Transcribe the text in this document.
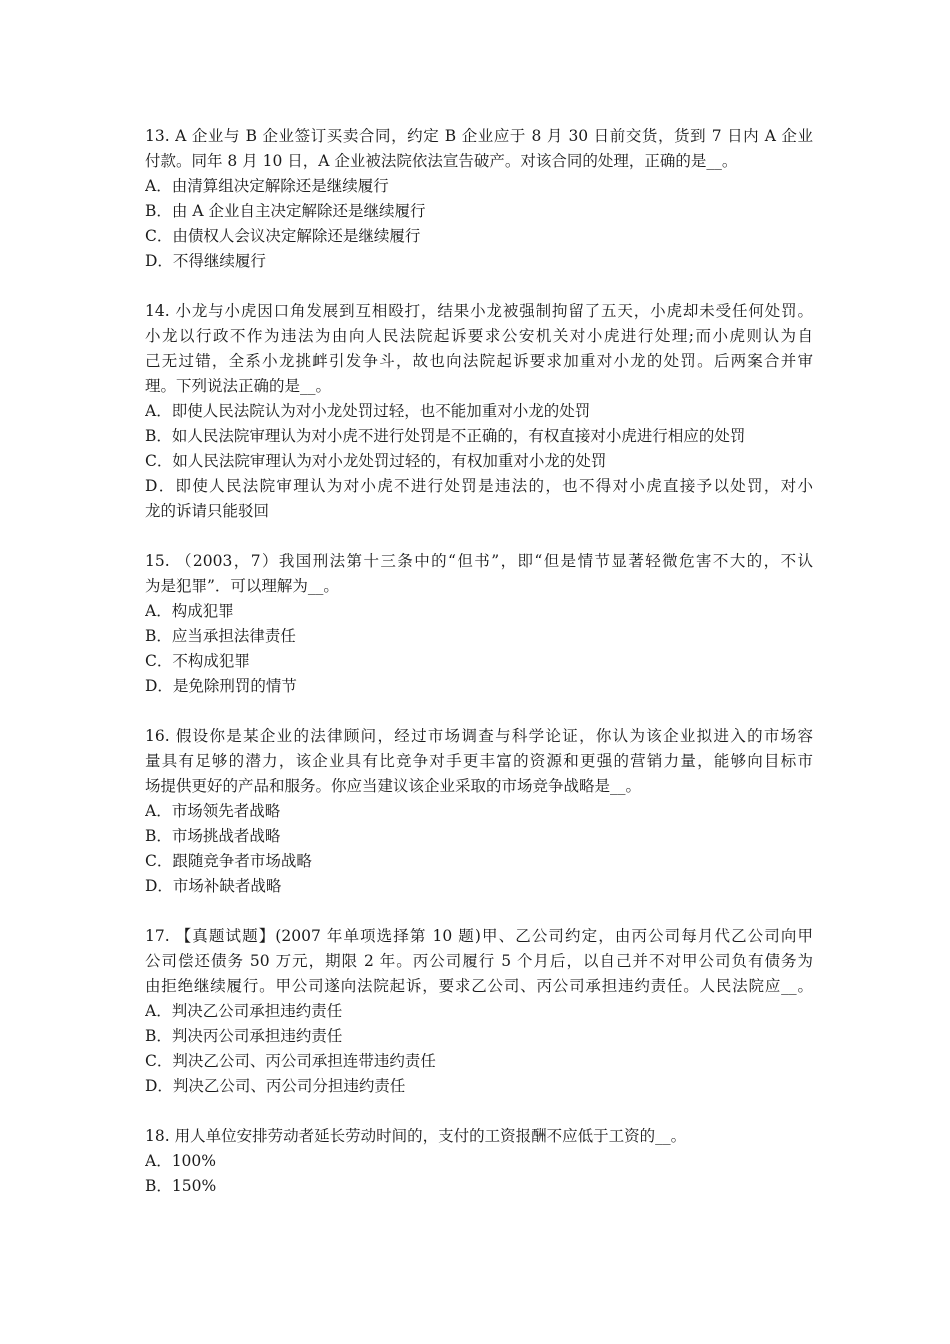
13. A 企业与 B 企业签订买卖合同，约定 B 企业应于 8 月 30 日前交货，货到 7 日内 A 企业
付款。同年 8 月 10 日，A 企业被法院依法宣告破产。对该合同的处理，正确的是__。
A．由清算组决定解除还是继续履行
B．由 A 企业自主决定解除还是继续履行
C．由债权人会议决定解除还是继续履行
D．不得继续履行
14. 小龙与小虎因口角发展到互相殴打，结果小龙被强制拘留了五天，小虎却未受任何处罚。
小龙以行政不作为违法为由向人民法院起诉要求公安机关对小虎进行处理;而小虎则认为自
己无过错，全系小龙挑衅引发争斗，故也向法院起诉要求加重对小龙的处罚。后两案合并审
理。下列说法正确的是__。
A．即使人民法院认为对小龙处罚过轻，也不能加重对小龙的处罚
B．如人民法院审理认为对小虎不进行处罚是不正确的，有权直接对小虎进行相应的处罚
C．如人民法院审理认为对小龙处罚过轻的，有权加重对小龙的处罚
D．即使人民法院审理认为对小虎不进行处罚是违法的，也不得对小虎直接予以处罚，对小
龙的诉请只能驳回
15. （2003，7）我国刑法第十三条中的“但书”，即“但是情节显著轻微危害不大的，不认
为是犯罪”．可以理解为__。
A．构成犯罪
B．应当承担法律责任
C．不构成犯罪
D．是免除刑罚的情节
16. 假设你是某企业的法律顾问，经过市场调查与科学论证，你认为该企业拟进入的市场容
量具有足够的潜力，该企业具有比竞争对手更丰富的资源和更强的营销力量，能够向目标市
场提供更好的产品和服务。你应当建议该企业采取的市场竞争战略是__。
A．市场领先者战略
B．市场挑战者战略
C．跟随竞争者市场战略
D．市场补缺者战略
17. 【真题试题】(2007 年单项选择第 10 题)甲、乙公司约定，由丙公司每月代乙公司向甲
公司偿还债务 50 万元，期限 2 年。丙公司履行 5 个月后，以自己并不对甲公司负有债务为
由拒绝继续履行。甲公司遂向法院起诉，要求乙公司、丙公司承担违约责任。人民法院应__。
A．判决乙公司承担违约责任
B．判决丙公司承担违约责任
C．判决乙公司、丙公司承担连带违约责任
D．判决乙公司、丙公司分担违约责任
18. 用人单位安排劳动者延长劳动时间的，支付的工资报酬不应低于工资的__。
A．100%
B．150%
